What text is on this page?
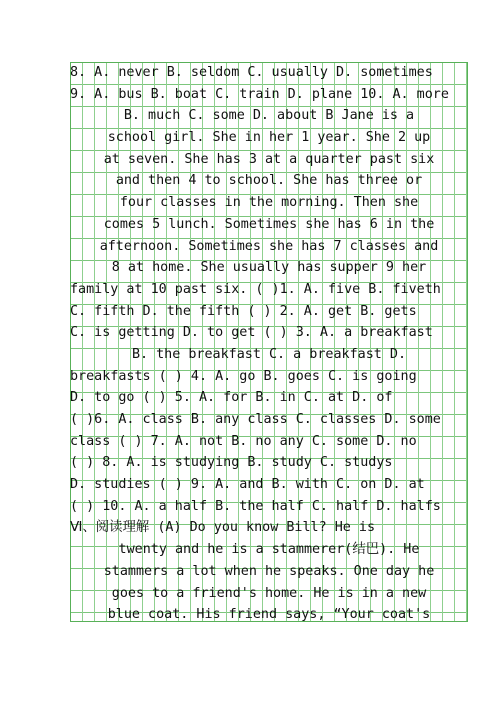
8. A. never B. seldom C. usually D. sometimes
9. A. bus B. boat C. train D. plane 10. A. more
B. much C. some D. about B Jane is a
school girl. She in her 1 year. She 2 up
at seven. She has 3 at a quarter past six
and then 4 to school. She has three or
four classes in the morning. Then she
comes 5 lunch. Sometimes she has 6 in the
afternoon. Sometimes she has 7 classes and
8 at home. She usually has supper 9 her
family at 10 past six. ( )1. A. five B. fiveth
C. fifth D. the fifth ( ) 2. A. get B. gets
C. is getting D. to get ( ) 3. A. a breakfast
B. the breakfast C. a breakfast D.
breakfasts ( ) 4. A. go B. goes C. is going
D. to go ( ) 5. A. for B. in C. at D. of
( )6. A. class B. any class C. classes D. some
class ( ) 7. A. not B. no any C. some D. no
( ) 8. A. is studying B. study C. studys
D. studies ( ) 9. A. and B. with C. on D. at
( ) 10. A. a half B. the half C. half D. halfs
Ⅵ、阅读理解 (A) Do you know Bill? He is
twenty and he is a stammerer(结巴). He
stammers a lot when he speaks. One day he
goes to a friend's home. He is in a new
blue coat. His friend says, “Your coat's
